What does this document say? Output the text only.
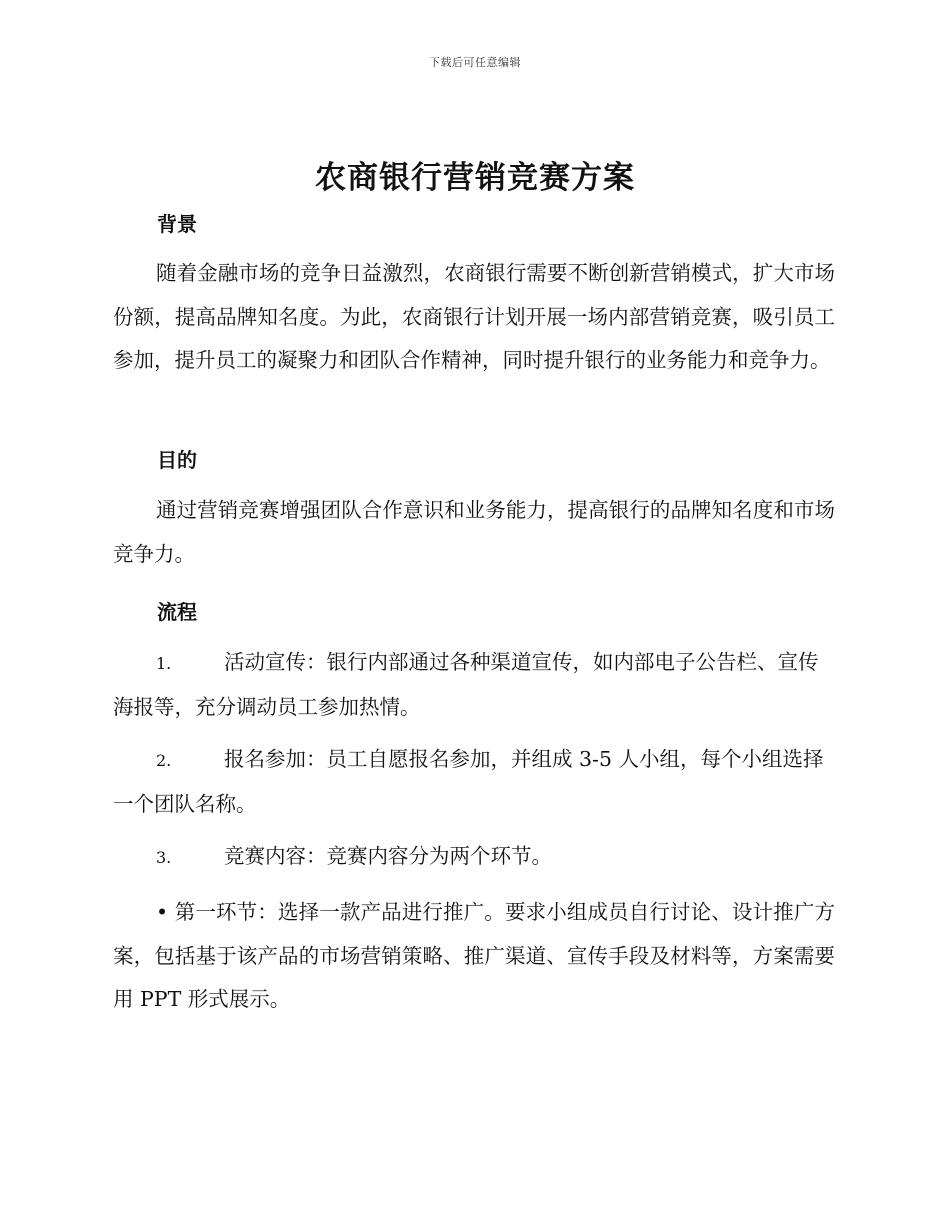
下载后可任意编辑
农商银行营销竞赛方案
背景
随着金融市场的竞争日益激烈，农商银行需要不断创新营销模式，扩大市场份额，提高品牌知名度。为此，农商银行计划开展一场内部营销竞赛，吸引员工参加，提升员工的凝聚力和团队合作精神，同时提升银行的业务能力和竞争力。
目的
通过营销竞赛增强团队合作意识和业务能力，提高银行的品牌知名度和市场竞争力。
流程
1.	活动宣传：银行内部通过各种渠道宣传，如内部电子公告栏、宣传海报等，充分调动员工参加热情。
2.	报名参加：员工自愿报名参加，并组成 3-5 人小组，每个小组选择一个团队名称。
3.	竞赛内容：竞赛内容分为两个环节。
• 第一环节：选择一款产品进行推广。要求小组成员自行讨论、设计推广方案，包括基于该产品的市场营销策略、推广渠道、宣传手段及材料等，方案需要用 PPT 形式展示。
